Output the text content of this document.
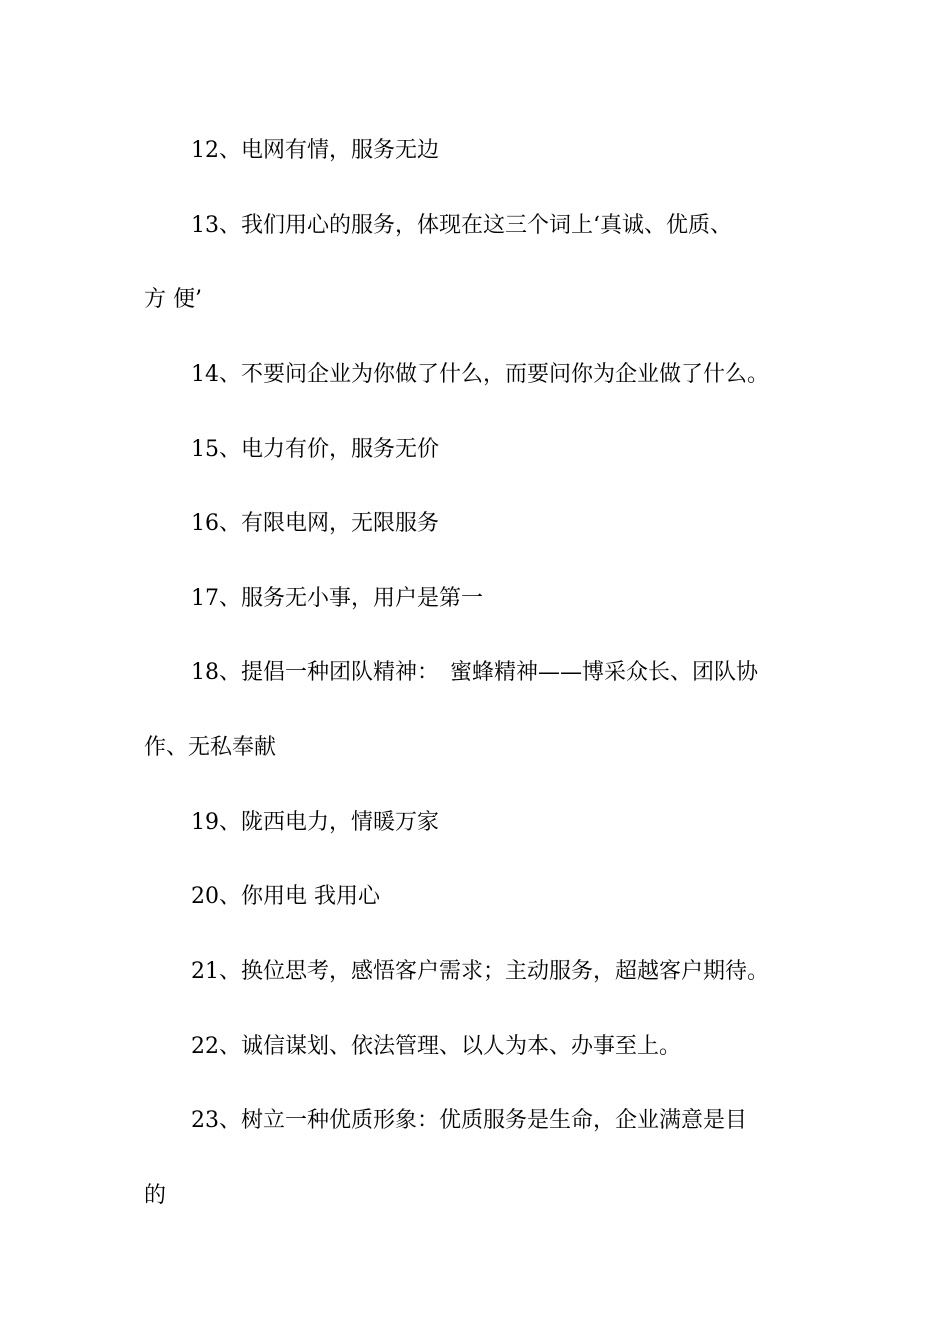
12、电网有情，服务无边

13、我们用心的服务，体现在这三个词上‘真诚、优质、

方 便’

14、不要问企业为你做了什么，而要问你为企业做了什么。

15、电力有价，服务无价

16、有限电网，无限服务

17、服务无小事，用户是第一

18、提倡一种团队精神：　蜜蜂精神——博采众长、团队协

作、无私奉献

19、陇西电力，情暖万家

20、你用电 我用心

21、换位思考，感悟客户需求；主动服务，超越客户期待。

22、诚信谋划、依法管理、以人为本、办事至上。

23、树立一种优质形象：优质服务是生命，企业满意是目

的
